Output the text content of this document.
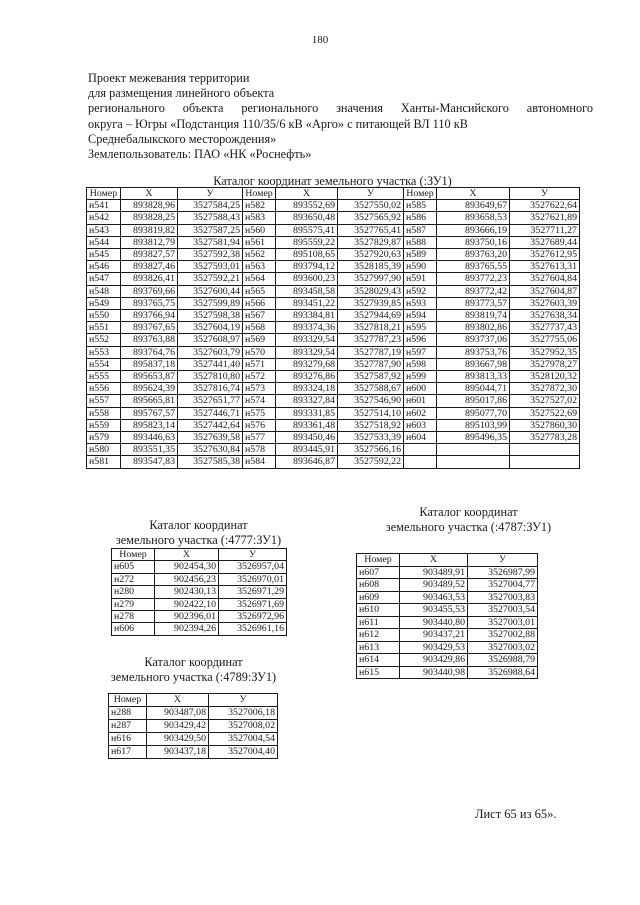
180
Проект межевания территории
для размещения линейного объекта
регионального объекта регионального значения Ханты-Мансийского автономного
округа – Югры «Подстанция 110/35/6 кВ «Арго» с питающей ВЛ 110 кВ
Среднебалыкского месторождения»
Землепользователь: ПАО «НК «Роснефть»
Каталог координат земельного участка (:ЗУ1)
Номер	X	У	Номер	X	У	Номер	X	У
н541	893828,96	3527584,25	н582	893552,69	3527550,02	н585	893649,67	3527622,64
н542	893828,25	3527588,43	н583	893650,48	3527565,92	н586	893658,53	3527621,89
н543	893819,82	3527587,25	н560	895575,41	3527765,41	н587	893666,19	3527711,27
н544	893812,79	3527581,94	н561	895559,22	3527829,87	н588	893750,16	3527689,44
н545	893827,57	3527592,38	н562	895108,65	3527920,63	н589	893763,20	3527612,95
н546	893827,46	3527593,01	н563	893794,12	3528185,39	н590	893765,55	3527613,31
н547	893826,41	3527592,21	н564	893600,23	3527997,90	н591	893772,23	3527604,84
н548	893769,66	3527600,44	н565	893458,58	3528029,43	н592	893772,42	3527604,87
н549	893765,75	3527599,89	н566	893451,22	3527939,85	н593	893773,57	3527603,39
н550	893766,94	3527598,38	н567	893384,81	3527944,69	н594	893819,74	3527638,34
н551	893767,65	3527604,19	н568	893374,36	3527818,21	н595	893802,86	3527737,43
н552	893763,88	3527608,97	н569	893329,54	3527787,23	н596	893737,06	3527755,06
н553	893764,76	3527603,79	н570	893329,54	3527787,19	н597	893753,76	3527952,35
н554	895837,18	3527441,40	н571	893279,68	3527787,90	н598	893667,98	3527978,27
н555	895653,87	3527810,80	н572	893276,86	3527587,92	н599	893813,33	3528120,32
н556	895624,39	3527816,74	н573	893324,18	3527588,67	н600	895044,71	3527872,30
н557	895665,81	3527651,77	н574	893327,84	3527546,90	н601	895017,86	3527527,02
н558	895767,57	3527446,71	н575	893331,85	3527514,10	н602	895077,70	3527522,69
н559	895823,14	3527442,64	н576	893361,48	3527518,92	н603	895103,99	3527860,30
н579	893446,63	3527639,58	н577	893450,46	3527533,39	н604	895496,35	3527783,28
н580	893551,35	3527630,84	н578	893445,91	3527566,16			
н581	893547,83	3527585,38	н584	893646,87	3527592,22			
Каталог координат
земельного участка (:4777:ЗУ1)
Номер	X	У
н605	902454,30	3526957,04
н272	902456,23	3526970,01
н280	902430,13	3526971,29
н279	902422,10	3526971,69
н278	902396,01	3526972,96
н606	902394,26	3526961,16
Каталог координат
земельного участка (:4787:ЗУ1)
Номер	X	У
н607	903489,91	3526987,99
н608	903489,52	3527004,77
н609	903463,53	3527003,83
н610	903455,53	3527003,54
н611	903440,80	3527003,01
н612	903437,21	3527002,88
н613	903429,53	3527003,02
н614	903429,86	3526988,79
н615	903440,98	3526988,64
Каталог координат
земельного участка (:4789:ЗУ1)
Номер	X	У
н288	903487,08	3527006,18
н287	903429,42	3527008,02
н616	903429,50	3527004,54
н617	903437,18	3527004,40
Лист 65 из 65».
